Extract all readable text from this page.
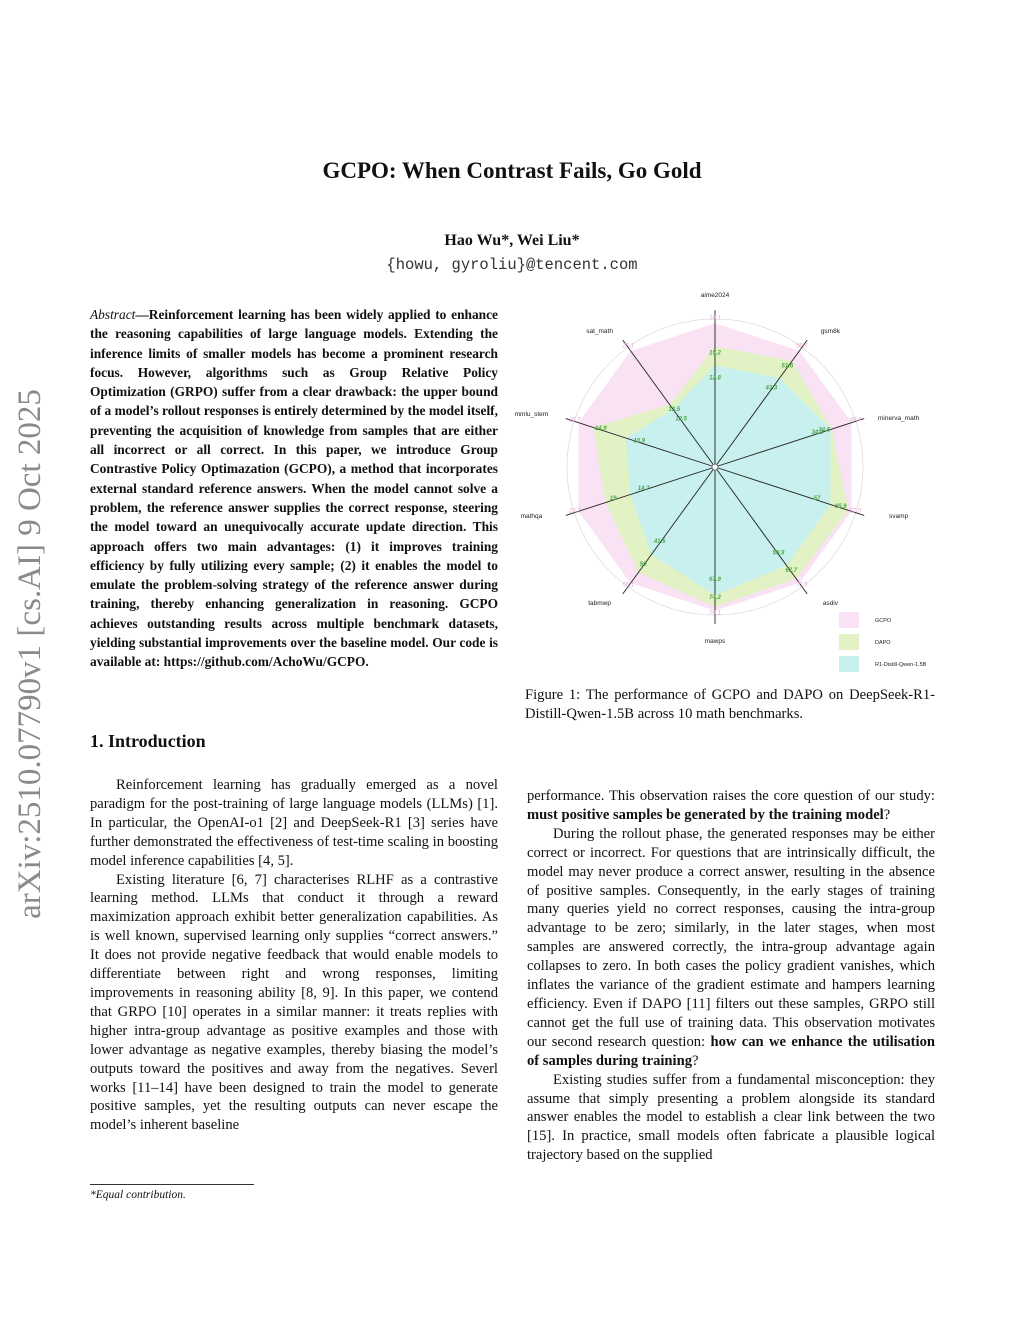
arXiv:2510.07790v1 [cs.AI] 9 Oct 2025
GCPO: When Contrast Fails, Go Gold
Hao Wu*, Wei Liu*
{howu, gyroliu}@tencent.com
Abstract—Reinforcement learning has been widely applied to enhance the reasoning capabilities of large language models. Extending the inference limits of smaller models has become a prominent research focus. However, algorithms such as Group Relative Policy Optimization (GRPO) suffer from a clear drawback: the upper bound of a model’s rollout responses is entirely determined by the model itself, preventing the acquisition of knowledge from samples that are either all incorrect or all correct. In this paper, we introduce Group Contrastive Policy Optimazation (GCPO), a method that incorporates external standard reference answers. When the model cannot solve a problem, the reference answer supplies the correct response, steering the model toward an unequivocally accurate update direction. This approach offers two main advantages: (1) it improves training efficiency by fully utilizing every sample; (2) it enables the model to emulate the problem-solving strategy of the reference answer during training, thereby enhancing generalization in reasoning. GCPO achieves outstanding results across multiple benchmark datasets, yielding substantial improvements over the baseline model. Our code is available at: https://github.com/AchoWu/GCPO.
1. Introduction

Reinforcement learning has gradually emerged as a novel paradigm for the post-training of large language models (LLMs) [1]. In particular, the OpenAI-o1 [2] and DeepSeek-R1 [3] series have further demonstrated the effectiveness of test-time scaling in boosting model inference capabilities [4, 5].

Existing literature [6, 7] characterises RLHF as a contrastive learning method. LLMs that conduct it through a reward maximization approach exhibit better generalization capabilities. As is well known, supervised learning only supplies “correct answers.” It does not provide negative feedback that would enable models to differentiate between right and wrong responses, limiting improvements in reasoning ability [8, 9]. In this paper, we contend that GRPO [10] operates in a similar manner: it treats replies with higher intra-group advantage as positive examples and those with lower advantage as negative examples, thereby biasing the model’s outputs toward the positives and away from the negatives. Severl works [11–14] have been designed to train the model to generate positive samples, yet the resulting outputs can never escape the model’s inherent baseline

*Equal contribution.
aime2024
gsm8k
minerva_math
svamp
asdiv
mawps
tabmwp
mathqa
mmlu_stem
sat_math
18.1
56.5
40.4
67.5
70.5
76.1
55.1
23.7
16.7
25.1
15.2
51.6
34.6
65.9
67.7
74.2
50
19
14.9
13.5
12.8
43.3
34.2
57
59.9
67.9
41.5
14.7
10.9
12.5
GCPO
DAPO
R1-Distill-Qwen-1.5B
Figure 1: The performance of GCPO and DAPO on DeepSeek-R1-Distill-Qwen-1.5B across 10 math benchmarks.

performance. This observation raises the core question of our study: must positive samples be generated by the training model?

During the rollout phase, the generated responses may be either correct or incorrect. For questions that are intrinsically difficult, the model may never produce a correct answer, resulting in the absence of positive samples. Consequently, in the early stages of training many queries yield no correct responses, causing the intra-group advantage to be zero; similarly, in the later stages, when most samples are answered correctly, the intra-group advantage again collapses to zero. In both cases the policy gradient vanishes, which inflates the variance of the gradient estimate and hampers learning efficiency. Even if DAPO [11] filters out these samples, GRPO still cannot get the full use of training data. This observation motivates our second research question: how can we enhance the utilisation of samples during training?

Existing studies suffer from a fundamental misconception: they assume that simply presenting a problem alongside its standard answer enables the model to establish a clear link between the two [15]. In practice, small models often fabricate a plausible logical trajectory based on the supplied
